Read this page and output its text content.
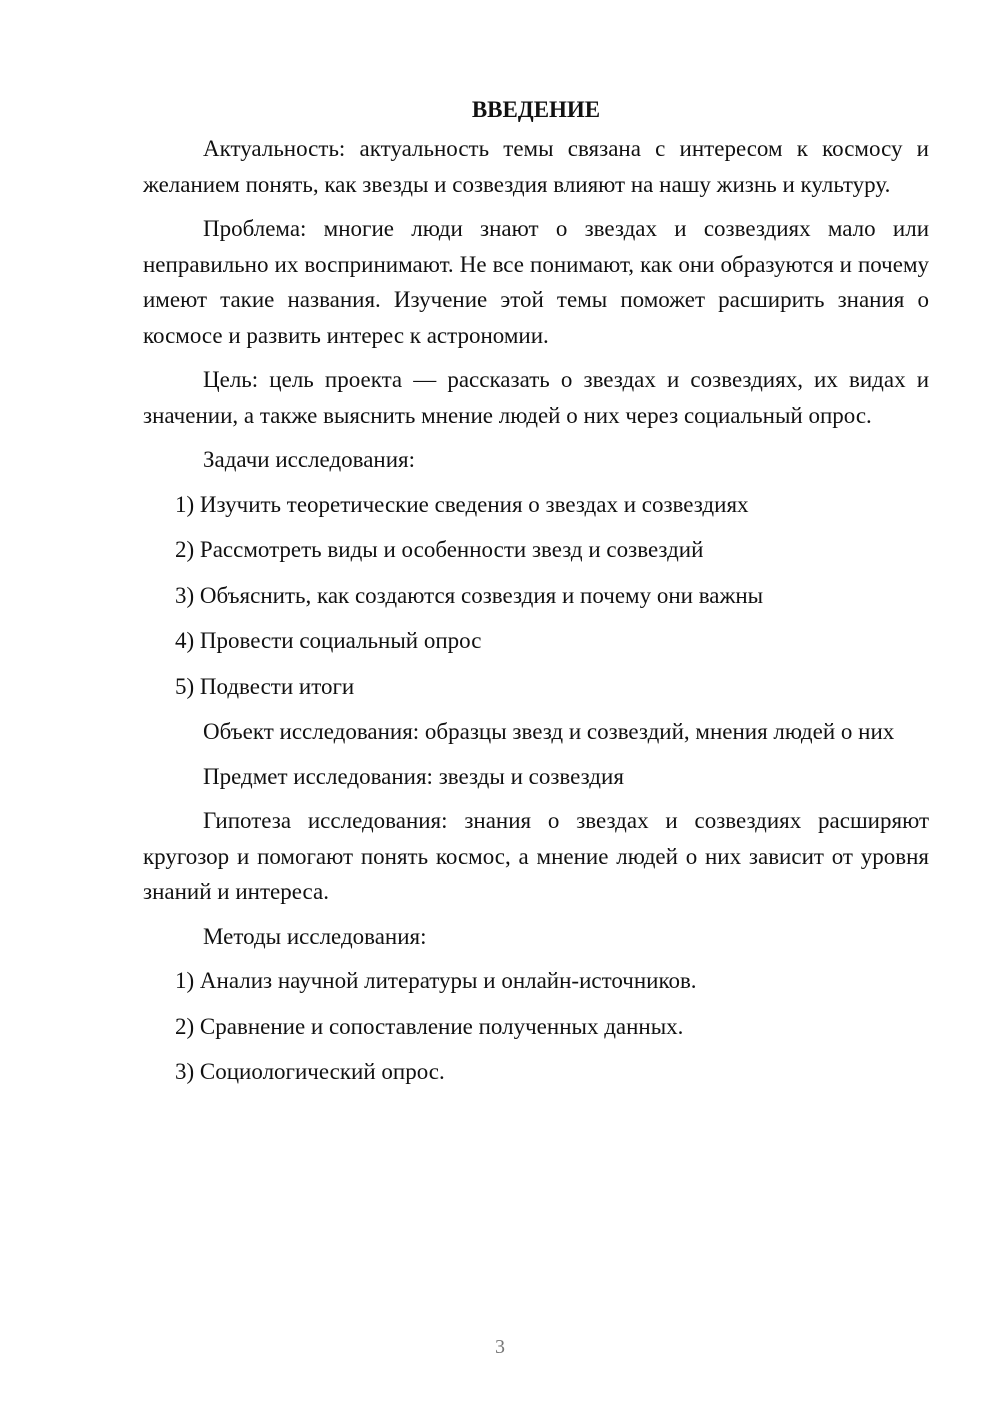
ВВЕДЕНИЕ

Актуальность: актуальность темы связана с интересом к космосу и желанием понять, как звезды и созвездия влияют на нашу жизнь и культуру.

Проблема: многие люди знают о звездах и созвездиях мало или неправильно их воспринимают. Не все понимают, как они образуются и почему имеют такие названия. Изучение этой темы поможет расширить знания о космосе и развить интерес к астрономии.

Цель: цель проекта — рассказать о звездах и созвездиях, их видах и значении, а также выяснить мнение людей о них через социальный опрос.

Задачи исследования:

1) Изучить теоретические сведения о звездах и созвездиях
2) Рассмотреть виды и особенности звезд и созвездий
3) Объяснить, как создаются созвездия и почему они важны
4) Провести социальный опрос
5) Подвести итоги

Объект исследования: образцы звезд и созвездий, мнения людей о них

Предмет исследования: звезды и созвездия

Гипотеза исследования: знания о звездах и созвездиях расширяют кругозор и помогают понять космос, а мнение людей о них зависит от уровня знаний и интереса.

Методы исследования:

1) Анализ научной литературы и онлайн-источников.
2) Сравнение и сопоставление полученных данных.
3) Социологический опрос.
3
